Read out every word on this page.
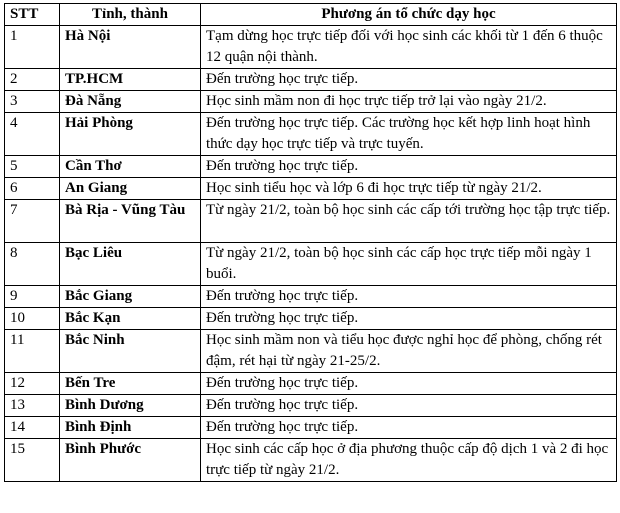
STT	Tỉnh, thành	Phương án tổ chức dạy học
1	Hà Nội	Tạm dừng học trực tiếp đối với học sinh các khối từ 1 đến 6 thuộc 12 quận nội thành.
2	TP.HCM	Đến trường học trực tiếp.
3	Đà Nẵng	Học sinh mầm non đi học trực tiếp trở lại vào ngày 21/2.
4	Hải Phòng	Đến trường học trực tiếp. Các trường học kết hợp linh hoạt hình thức dạy học trực tiếp và trực tuyến.
5	Cần Thơ	Đến trường học trực tiếp.
6	An Giang	Học sinh tiểu học và lớp 6 đi học trực tiếp từ ngày 21/2.
7	Bà Rịa - Vũng Tàu	Từ ngày 21/2, toàn bộ học sinh các cấp tới trường học tập trực tiếp.
8	Bạc Liêu	Từ ngày 21/2, toàn bộ học sinh các cấp học trực tiếp mỗi ngày 1 buổi.
9	Bắc Giang	Đến trường học trực tiếp.
10	Bắc Kạn	Đến trường học trực tiếp.
11	Bắc Ninh	Học sinh mầm non và tiểu học được nghỉ học để phòng, chống rét đậm, rét hại từ ngày 21-25/2.
12	Bến Tre	Đến trường học trực tiếp.
13	Bình Dương	Đến trường học trực tiếp.
14	Bình Định	Đến trường học trực tiếp.
15	Bình Phước	Học sinh các cấp học ở địa phương thuộc cấp độ dịch 1 và 2 đi học trực tiếp từ ngày 21/2.
